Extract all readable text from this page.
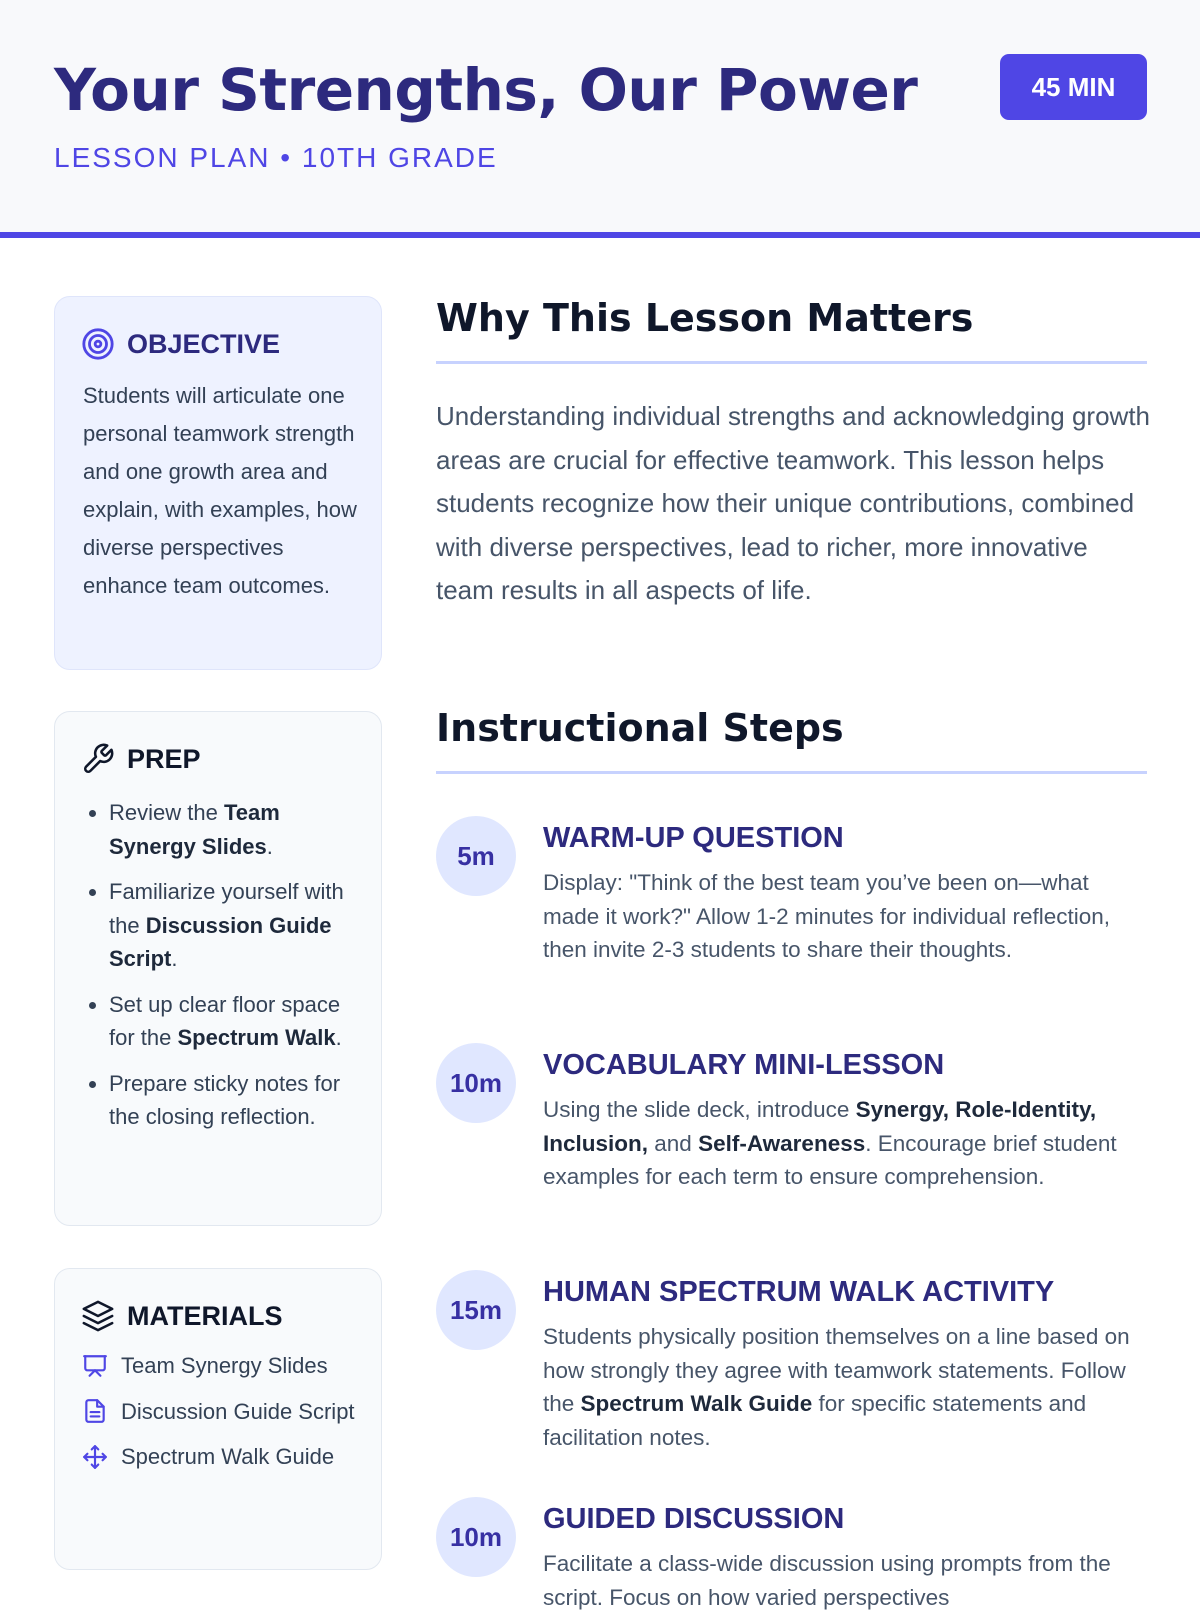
Your Strengths, Our Power
LESSON PLAN • 10TH GRADE
45 MIN
OBJECTIVE
Students will articulate one personal teamwork strength and one growth area and explain, with examples, how diverse perspectives enhance team outcomes.
PREP
• Review the Team Synergy Slides.
• Familiarize yourself with the Discussion Guide Script.
• Set up clear floor space for the Spectrum Walk.
• Prepare sticky notes for the closing reflection.
MATERIALS
Team Synergy Slides
Discussion Guide Script
Spectrum Walk Guide
Why This Lesson Matters
Understanding individual strengths and acknowledging growth areas are crucial for effective teamwork. This lesson helps students recognize how their unique contributions, combined with diverse perspectives, lead to richer, more innovative team results in all aspects of life.
Instructional Steps
5m
WARM-UP QUESTION
Display: "Think of the best team you’ve been on—what made it work?" Allow 1-2 minutes for individual reflection, then invite 2-3 students to share their thoughts.
10m
VOCABULARY MINI-LESSON
Using the slide deck, introduce Synergy, Role-Identity, Inclusion, and Self-Awareness. Encourage brief student examples for each term to ensure comprehension.
15m
HUMAN SPECTRUM WALK ACTIVITY
Students physically position themselves on a line based on how strongly they agree with teamwork statements. Follow the Spectrum Walk Guide for specific statements and facilitation notes.
10m
GUIDED DISCUSSION
Facilitate a class-wide discussion using prompts from the script. Focus on how varied perspectives
